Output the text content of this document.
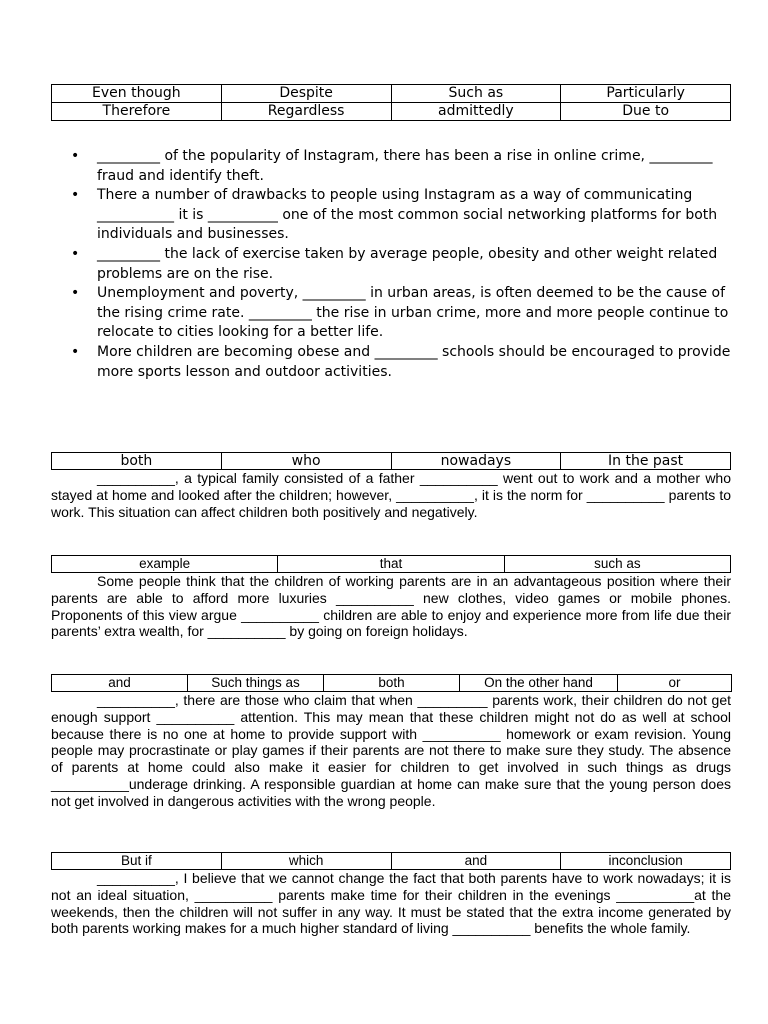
Even though	Despite	Such as	Particularly
Therefore	Regardless	admittedly	Due to
• _________ of the popularity of Instagram, there has been a rise in online crime, _________ fraud and identify theft.
• There a number of drawbacks to people using Instagram as a way of communicating ___________ it is __________ one of the most common social networking platforms for both individuals and businesses.
• _________ the lack of exercise taken by average people, obesity and other weight related problems are on the rise.
• Unemployment and poverty, _________ in urban areas, is often deemed to be the cause of the rising crime rate. _________ the rise in urban crime, more and more people continue to relocate to cities looking for a better life.
• More children are becoming obese and _________ schools should be encouraged to provide more sports lesson and outdoor activities.
both	who	nowadays	In the past

__________, a typical family consisted of a father __________ went out to work and a mother who stayed at home and looked after the children; however, __________, it is the norm for __________ parents to work. This situation can affect children both positively and negatively.

example	that	such as

Some people think that the children of working parents are in an advantageous position where their parents are able to afford more luxuries __________ new clothes, video games or mobile phones. Proponents of this view argue __________ children are able to enjoy and experience more from life due their parents’ extra wealth, for __________ by going on foreign holidays.

and	Such things as	both	On the other hand	or

__________, there are those who claim that when _________ parents work, their children do not get enough support __________ attention. This may mean that these children might not do as well at school because there is no one at home to provide support with __________ homework or exam revision. Young people may procrastinate or play games if their parents are not there to make sure they study. The absence of parents at home could also make it easier for children to get involved in such things as drugs __________underage drinking. A responsible guardian at home can make sure that the young person does not get involved in dangerous activities with the wrong people.

But if	which	and	inconclusion

__________, I believe that we cannot change the fact that both parents have to work nowadays; it is not an ideal situation, __________ parents make time for their children in the evenings __________at the weekends, then the children will not suffer in any way. It must be stated that the extra income generated by both parents working makes for a much higher standard of living __________ benefits the whole family.
